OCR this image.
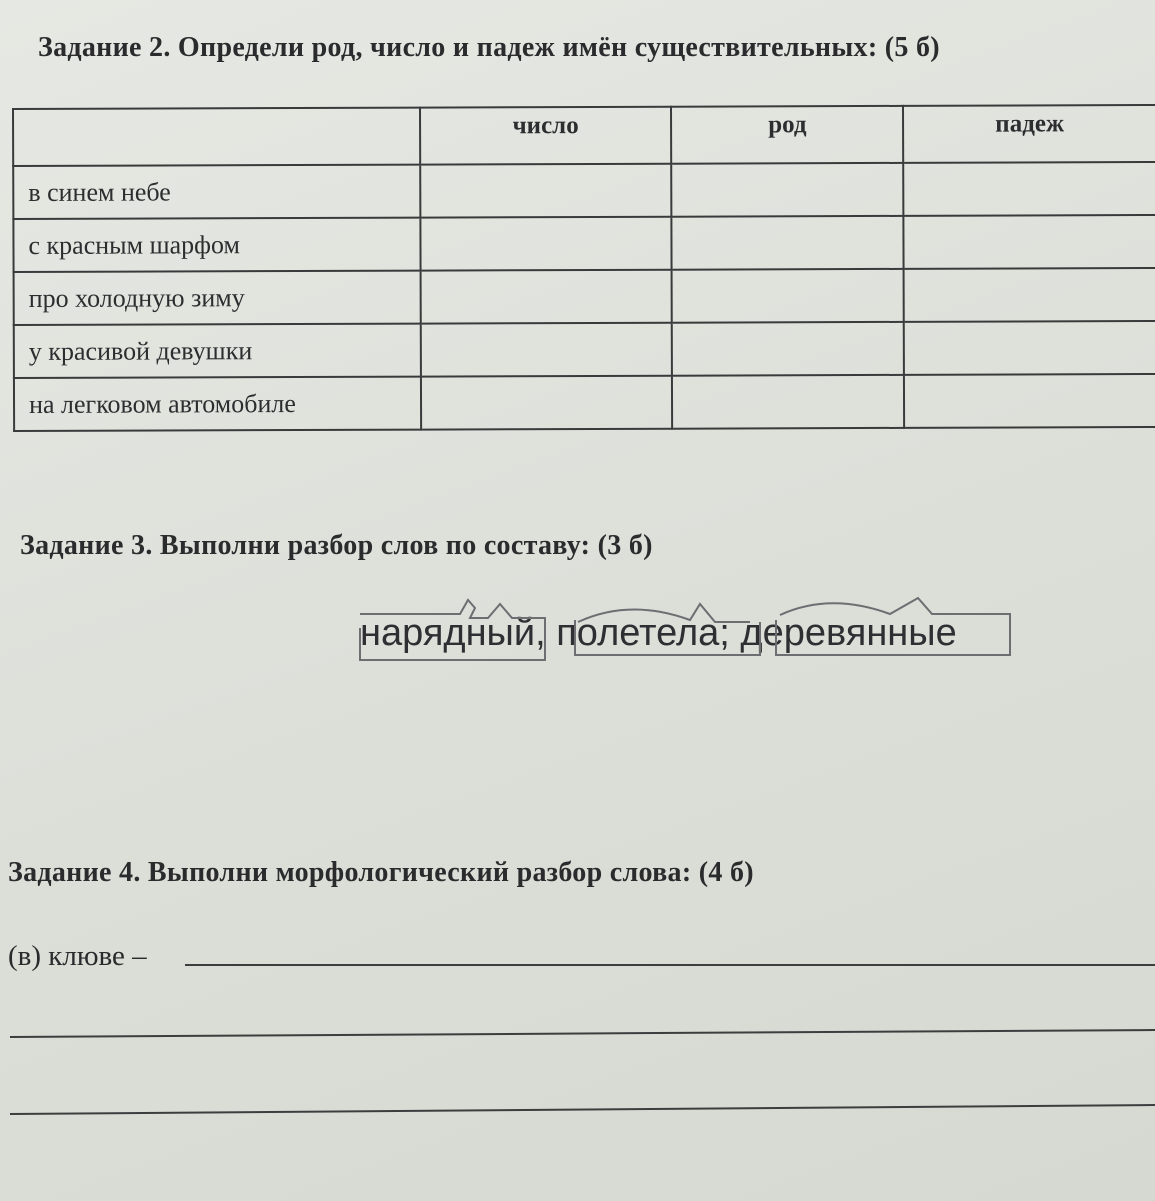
Задание 2. Определи род, число и падеж имён существительных: (5 б)
	число	род	падеж
в синем небе			
с красным шарфом			
про холодную зиму			
у красивой девушки			
на легковом автомобиле			
Задание 3. Выполни разбор слов по составу: (3 б)
нарядный, полетела; деревянные
Задание 4. Выполни морфологический разбор слова: (4 б)
(в) клюве –
